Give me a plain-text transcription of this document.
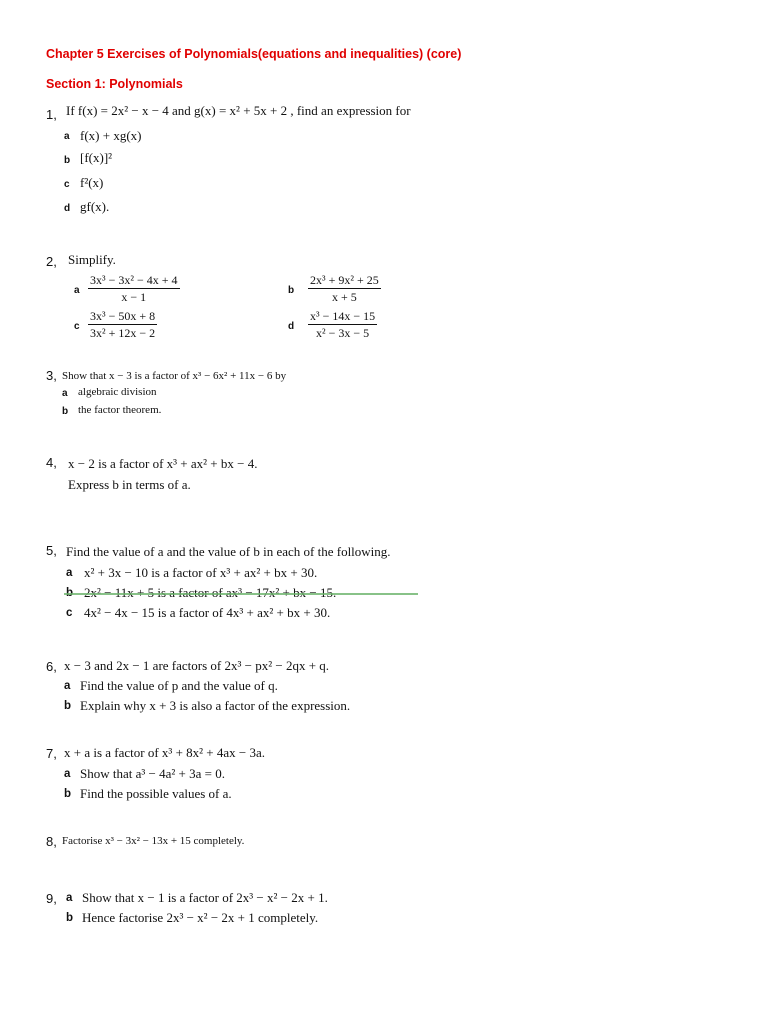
Chapter 5 Exercises of Polynomials(equations and inequalities) (core)
Section 1: Polynomials
1, If f(x) = 2x² − x − 4 and g(x) = x² + 5x + 2 , find an expression for
a f(x) + xg(x)
b [f(x)]²
c f²(x)
d gf(x).
2, Simplify.
a $\frac{\text{3x³ − 3x² − 4x + 4}}{x - 1}$	b $\frac{\text{2x³ + 9x² + 25}}{x + 5}$
c $\frac{\text{3x³ − 50x + 8}}{\text{3x² + 12x − 2}}$	d $\frac{\text{x³ − 14x − 15}}{\text{x² − 3x − 5}}$
3, Show that x − 3 is a factor of x³ − 6x² + 11x − 6 by
a algebraic division
b the factor theorem.
4, x − 2 is a factor of x³ + ax² + bx − 4.
Express b in terms of a.
5, Find the value of a and the value of b in each of the following.
a x² + 3x − 10 is a factor of x³ + ax² + bx + 30.
c 4x² − 4x − 15 is a factor of 4x³ + ax² + bx + 30.
6, x − 3 and 2x − 1 are factors of 2x³ − px² − 2qx + q.
a Find the value of p and the value of q.
b Explain why x + 3 is also a factor of the expression.
7, x + a is a factor of x³ + 8x² + 4ax − 3a.
a Show that a³ − 4a² + 3a = 0.
b Find the possible values of a.
8, Factorise x³ − 3x² − 13x + 15 completely.
9, a Show that x − 1 is a factor of 2x³ − x² − 2x + 1.
b Hence factorise 2x³ − x² − 2x + 1 completely.
